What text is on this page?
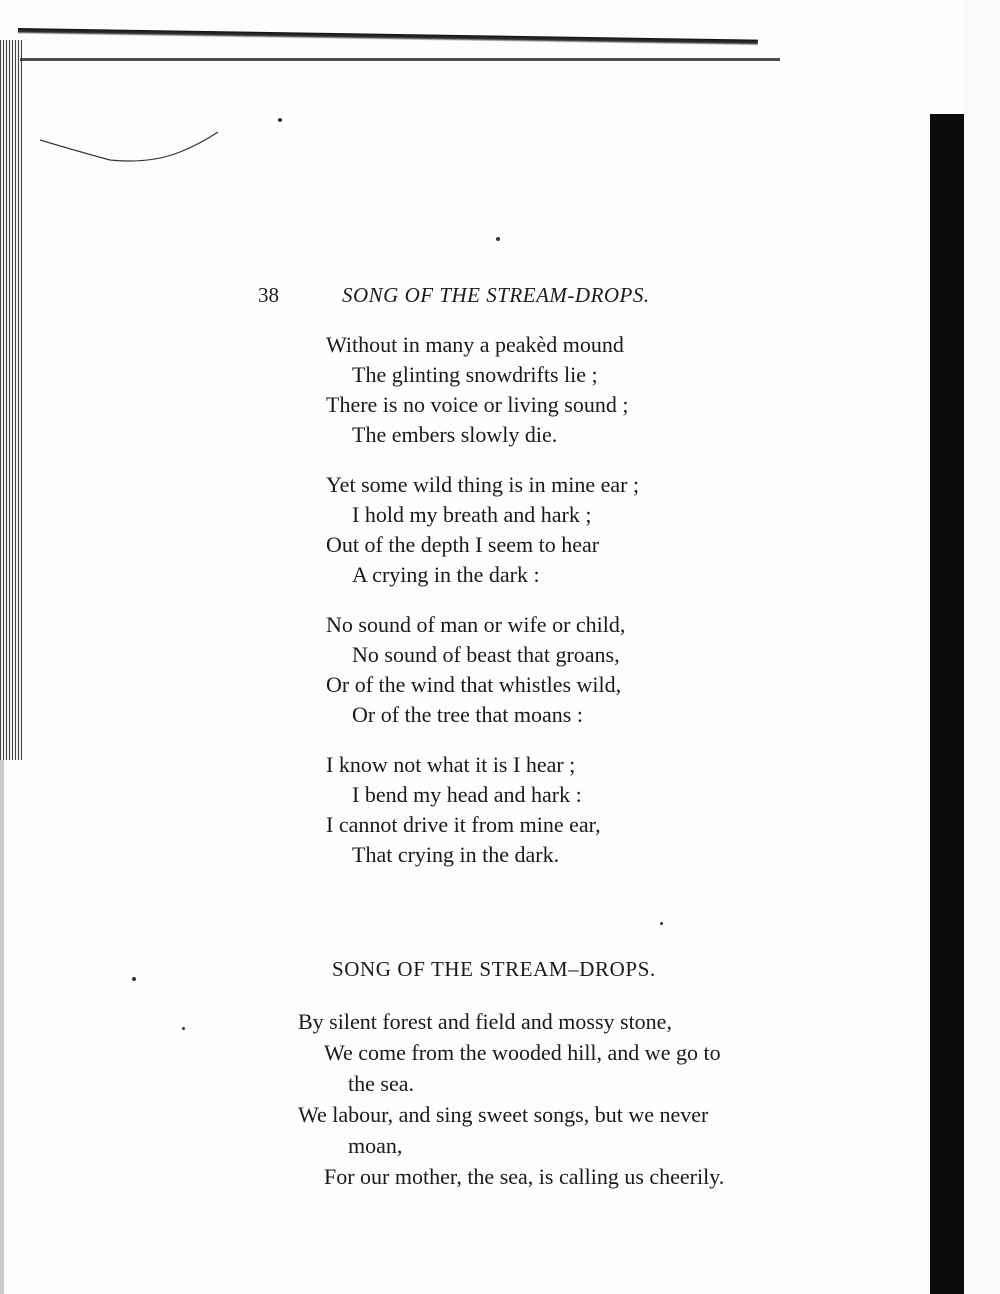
38	SONG OF THE STREAM-DROPS.
Without in many a peakèd mound
The glinting snowdrifts lie ;
There is no voice or living sound ;
The embers slowly die.
Yet some wild thing is in mine ear ;
I hold my breath and hark ;
Out of the depth I seem to hear
A crying in the dark :
No sound of man or wife or child,
No sound of beast that groans,
Or of the wind that whistles wild,
Or of the tree that moans :
I know not what it is I hear ;
I bend my head and hark :
I cannot drive it from mine ear,
That crying in the dark.
SONG OF THE STREAM–DROPS.
By silent forest and field and mossy stone,
We come from the wooded hill, and we go to
the sea.
We labour, and sing sweet songs, but we never
moan,
For our mother, the sea, is calling us cheerily.
